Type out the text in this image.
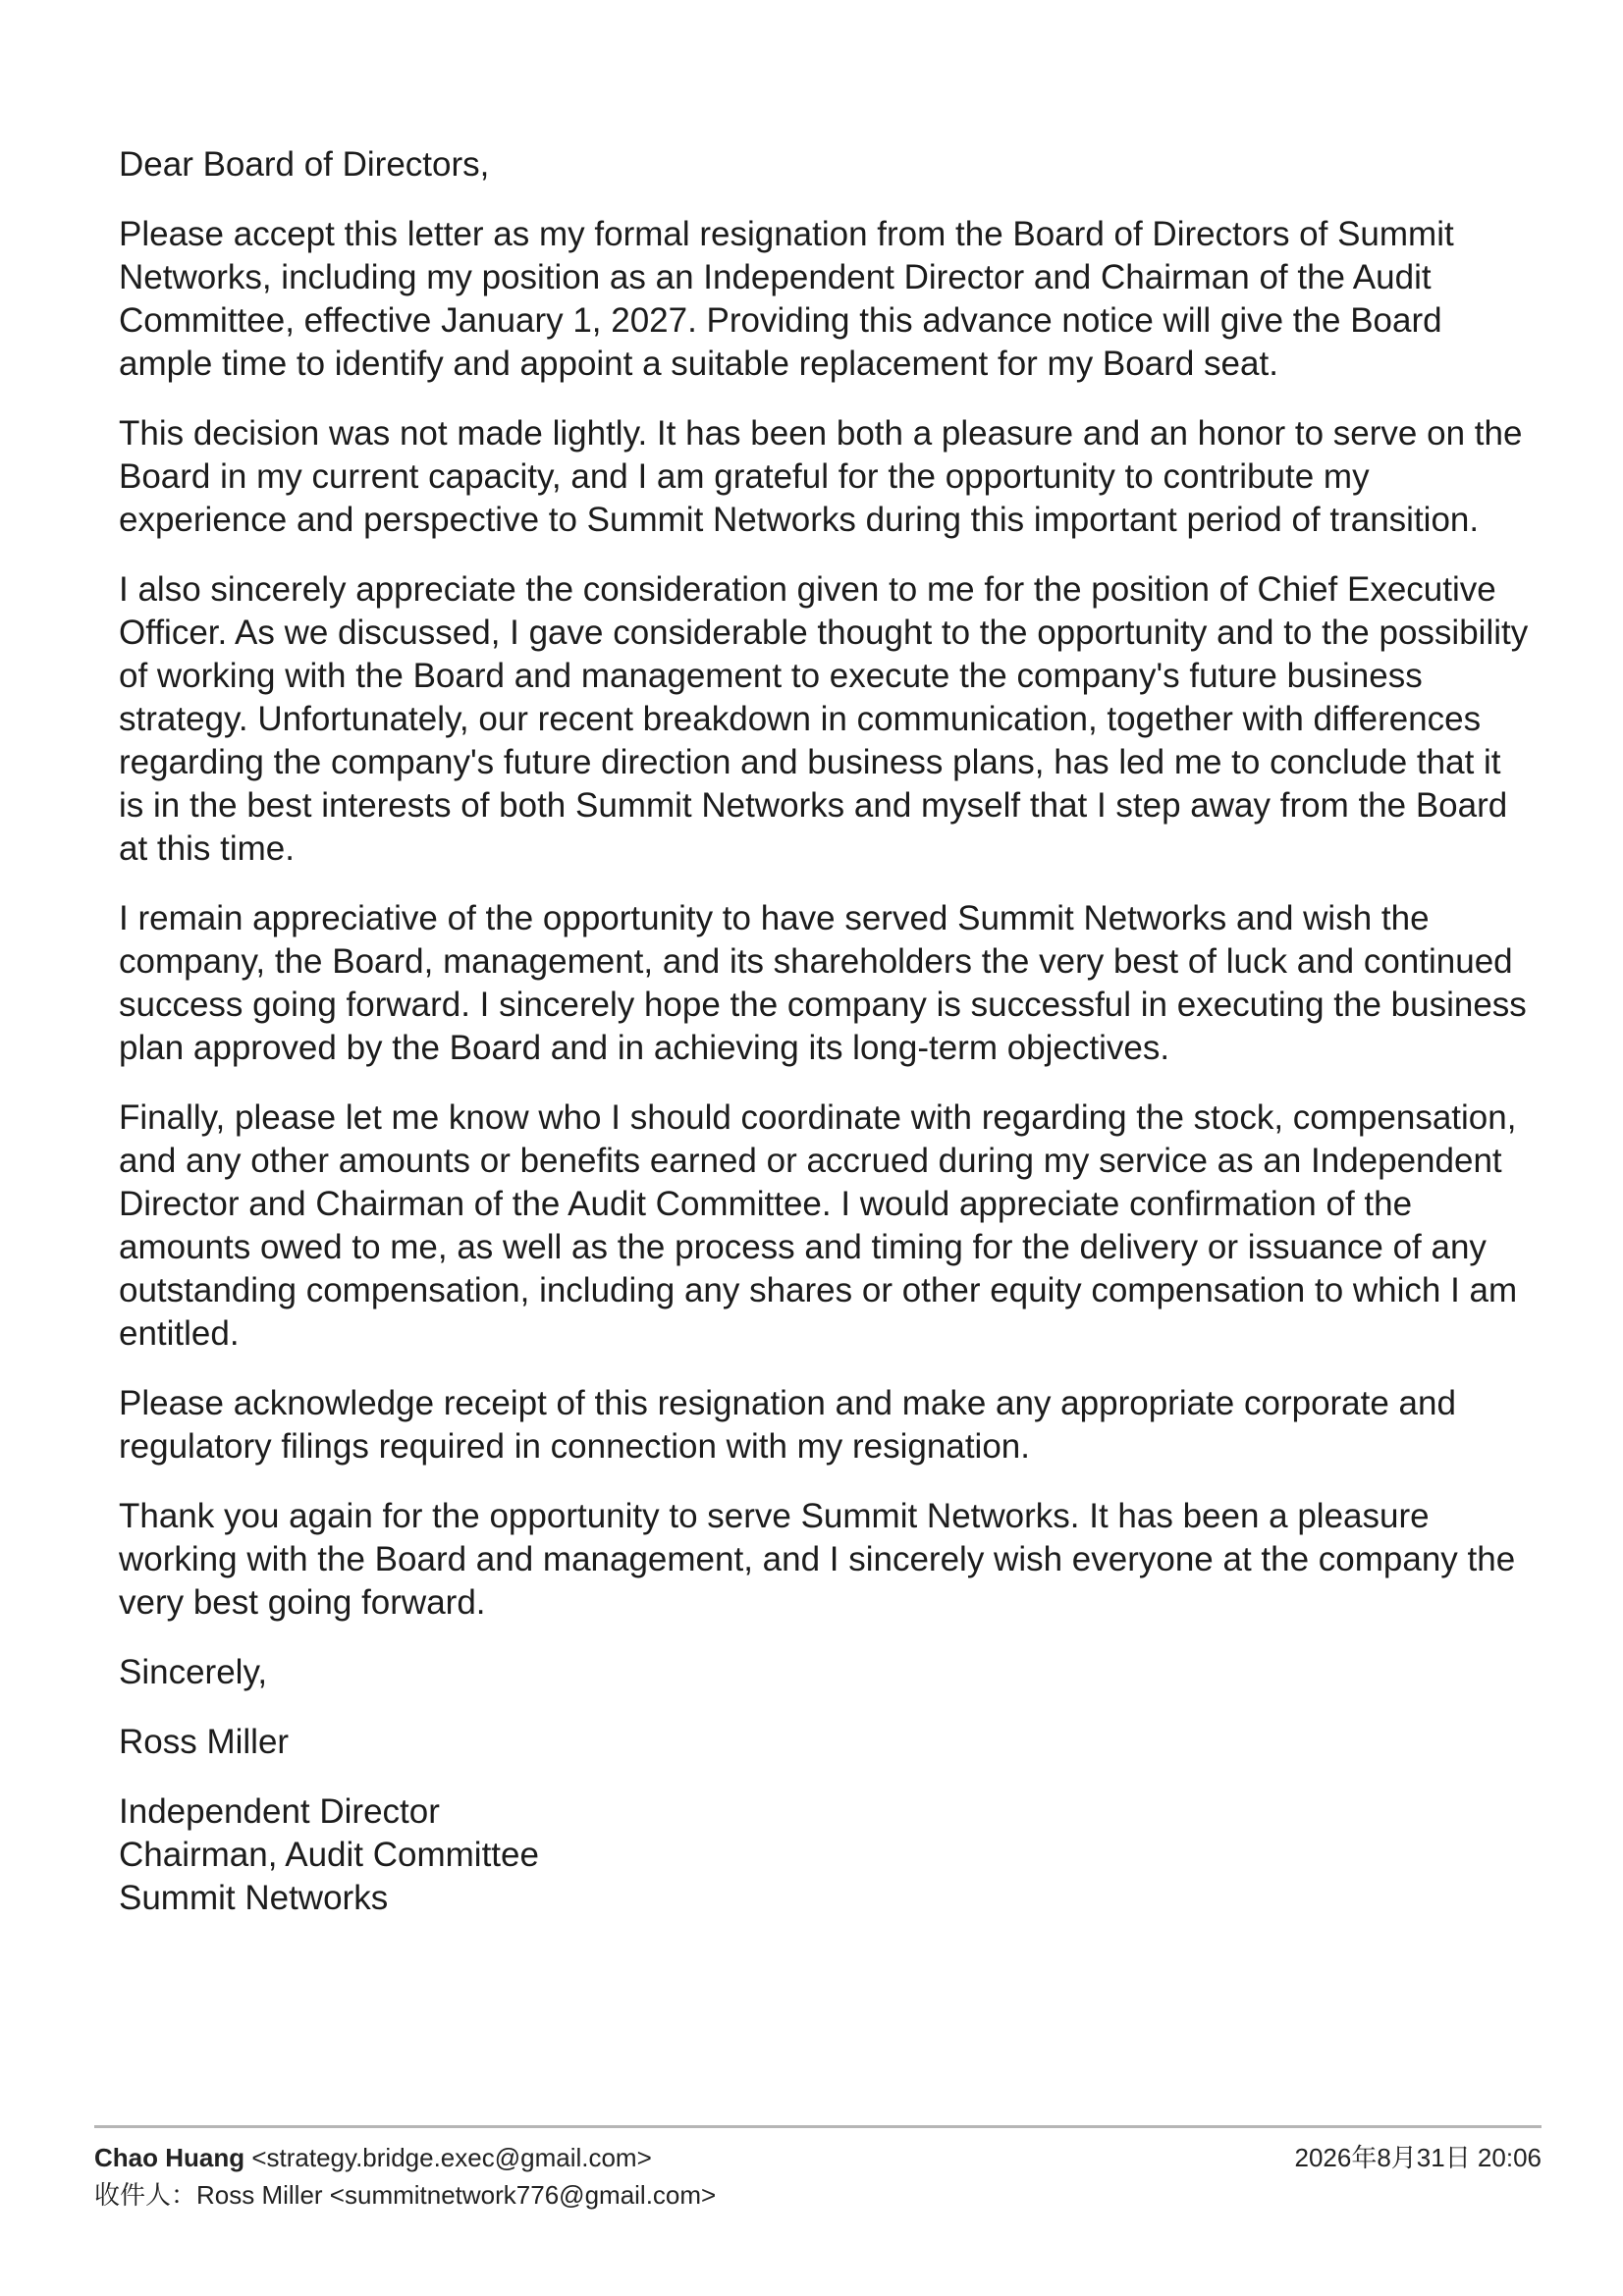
Dear Board of Directors,

Please accept this letter as my formal resignation from the Board of Directors of Summit Networks, including my position as an Independent Director and Chairman of the Audit Committee, effective January 1, 2027. Providing this advance notice will give the Board ample time to identify and appoint a suitable replacement for my Board seat.

This decision was not made lightly. It has been both a pleasure and an honor to serve on the Board in my current capacity, and I am grateful for the opportunity to contribute my experience and perspective to Summit Networks during this important period of transition.

I also sincerely appreciate the consideration given to me for the position of Chief Executive Officer. As we discussed, I gave considerable thought to the opportunity and to the possibility of working with the Board and management to execute the company's future business strategy. Unfortunately, our recent breakdown in communication, together with differences regarding the company's future direction and business plans, has led me to conclude that it is in the best interests of both Summit Networks and myself that I step away from the Board at this time.

I remain appreciative of the opportunity to have served Summit Networks and wish the company, the Board, management, and its shareholders the very best of luck and continued success going forward. I sincerely hope the company is successful in executing the business plan approved by the Board and in achieving its long-term objectives.

Finally, please let me know who I should coordinate with regarding the stock, compensation, and any other amounts or benefits earned or accrued during my service as an Independent Director and Chairman of the Audit Committee. I would appreciate confirmation of the amounts owed to me, as well as the process and timing for the delivery or issuance of any outstanding compensation, including any shares or other equity compensation to which I am entitled.

Please acknowledge receipt of this resignation and make any appropriate corporate and regulatory filings required in connection with my resignation.

Thank you again for the opportunity to serve Summit Networks. It has been a pleasure working with the Board and management, and I sincerely wish everyone at the company the very best going forward.

Sincerely,

Ross Miller

Independent Director
Chairman, Audit Committee
Summit Networks

Chao Huang <strategy.bridge.exec@gmail.com>	2026年8月31日 20:06
收件人：Ross Miller <summitnetwork776@gmail.com>
